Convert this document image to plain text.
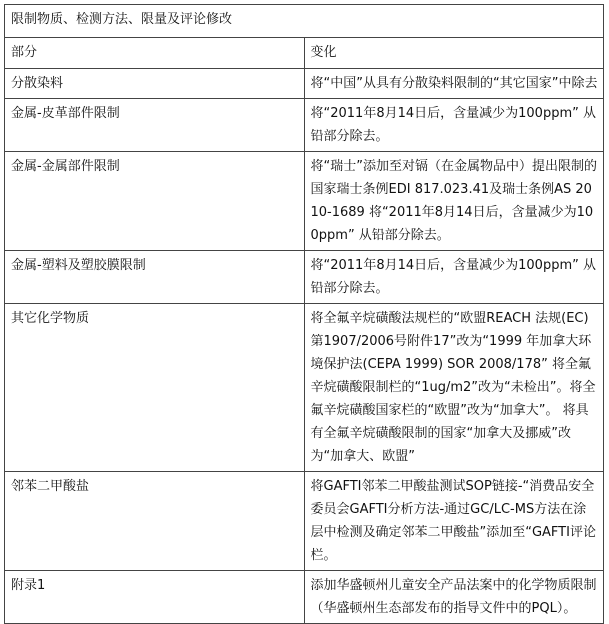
限制物质、检测方法、限量及评论修改	
部分	变化
分散染料	将“中国”从具有分散染料限制的“其它国家”中除去
金属-皮革部件限制	将“2011年8月14日后，含量减少为100ppm” 从铅部分除去。
金属-金属部件限制	将“瑞士”添加至对镉（在金属物品中）提出限制的国家瑞士条例EDI 817.023.41及瑞士条例AS 2010-1689 将“2011年8月14日后，含量减少为100ppm” 从铅部分除去。
金属-塑料及塑胶膜限制	将“2011年8月14日后，含量减少为100ppm” 从铅部分除去。
其它化学物质	将全氟辛烷磺酸法规栏的“欧盟REACH 法规(EC) 第1907/2006号附件17”改为“1999 年加拿大环境保护法(CEPA 1999) SOR 2008/178” 将全氟辛烷磺酸限制栏的“1ug/m2”改为“未检出”。将全氟辛烷磺酸国家栏的“欧盟”改为“加拿大”。 将具有全氟辛烷磺酸限制的国家“加拿大及挪威”改为“加拿大、欧盟”
邻苯二甲酸盐	将GAFTI邻苯二甲酸盐测试SOP链接-“消费品安全委员会GAFTI分析方法-通过GC/LC-MS方法在涂层中检测及确定邻苯二甲酸盐”添加至“GAFTI评论栏。
附录1	添加华盛顿州儿童安全产品法案中的化学物质限制（华盛顿州生态部发布的指导文件中的PQL）。
